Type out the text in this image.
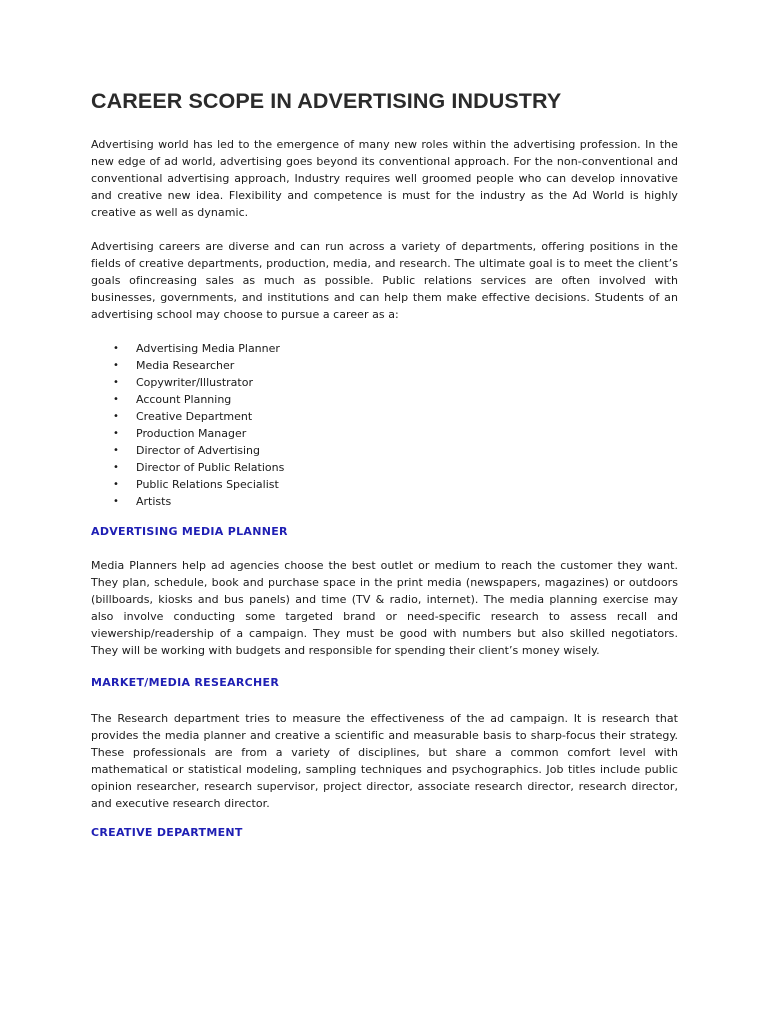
CAREER SCOPE IN ADVERTISING INDUSTRY

Advertising world has led to the emergence of many new roles within the advertising profession. In the new edge of ad world, advertising goes beyond its conventional approach. For the non-conventional and conventional advertising approach, Industry requires well groomed people who can develop innovative and creative new idea. Flexibility and competence is must for the industry as the Ad World is highly creative as well as dynamic.

Advertising careers are diverse and can run across a variety of departments, offering positions in the fields of creative departments, production, media, and research. The ultimate goal is to meet the client’s goals ofincreasing sales as much as possible. Public relations services are often involved with businesses, governments, and institutions and can help them make effective decisions. Students of an advertising school may choose to pursue a career as a:

• Advertising Media Planner
• Media Researcher
• Copywriter/Illustrator
• Account Planning
• Creative Department
• Production Manager
• Director of Advertising
• Director of Public Relations
• Public Relations Specialist
• Artists
ADVERTISING MEDIA PLANNER

Media Planners help ad agencies choose the best outlet or medium to reach the customer they want. They plan, schedule, book and purchase space in the print media (newspapers, magazines) or outdoors (billboards, kiosks and bus panels) and time (TV & radio, internet). The media planning exercise may also involve conducting some targeted brand or need-specific research to assess recall and viewership/readership of a campaign. They must be good with numbers but also skilled negotiators. They will be working with budgets and responsible for spending their client’s money wisely.

MARKET/MEDIA RESEARCHER

The Research department tries to measure the effectiveness of the ad campaign. It is research that provides the media planner and creative a scientific and measurable basis to sharp-focus their strategy. These professionals are from a variety of disciplines, but share a common comfort level with mathematical or statistical modeling, sampling techniques and psychographics. Job titles include public opinion researcher, research supervisor, project director, associate research director, research director, and executive research director.

CREATIVE DEPARTMENT
